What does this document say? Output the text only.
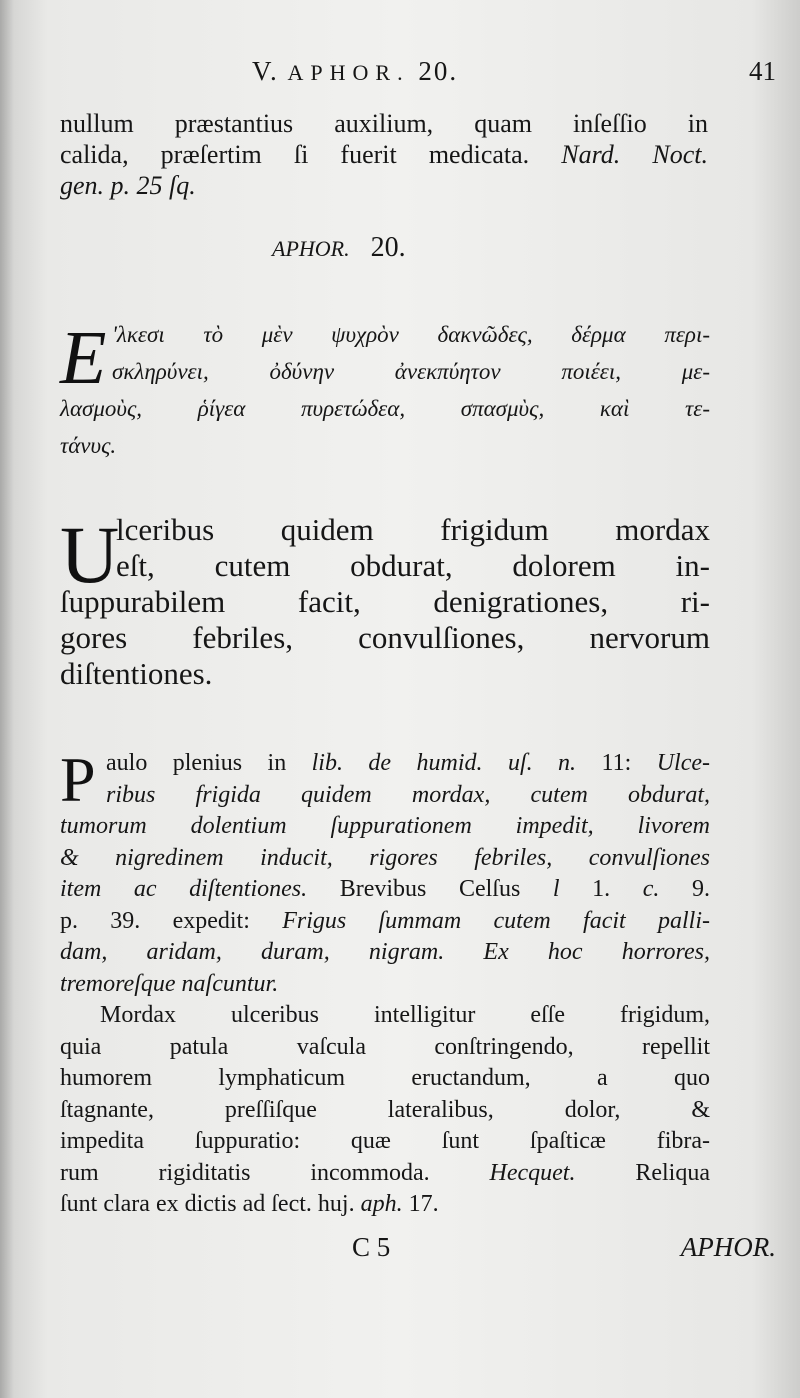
V. APHOR. 20.	41
nullum præstantius auxilium, quam inſeſſio in
calida, præſertim ſi fuerit medicata. Nard. Noct.
gen. p. 25 ſq.
APHOR. 20.
E 'λκεσι τὸ μὲν ψυχρὸν δακνῶδες, δέρμα περι-
σκληρύνει, ὀδύνην ἀνεκπύητον ποιέει, με-
λασμοὺς, ῥίγεα πυρετώδεα, σπασμὺς, καὶ τε-
τάνυς.
U
lceribus quidem frigidum mordax
eſt, cutem obdurat, dolorem in-
ſuppurabilem facit, denigrationes, ri-
gores febriles, convulſiones, nervorum
diſtentiones.
P aulo plenius in lib. de humid. uſ. n. 11: Ulce-
ribus frigida quidem mordax, cutem obdurat,
tumorum dolentium ſuppurationem impedit, livorem
& nigredinem inducit, rigores febriles, convulſiones
item ac diſtentiones. Brevibus Celſus l 1. c. 9.
p. 39. expedit: Frigus ſummam cutem facit palli-
dam, aridam, duram, nigram. Ex hoc horrores,
tremoreſque naſcuntur.
Mordax ulceribus intelligitur eſſe frigidum,
quia patula vaſcula conſtringendo, repellit
humorem lymphaticum eructandum, a quo
ſtagnante, preſſiſque lateralibus, dolor, &
impedita ſuppuratio: quæ ſunt ſpaſticæ fibra-
rum rigiditatis incommoda. Hecquet. Reliqua
ſunt clara ex dictis ad ſect. huj. aph. 17.
C 5	APHOR.
